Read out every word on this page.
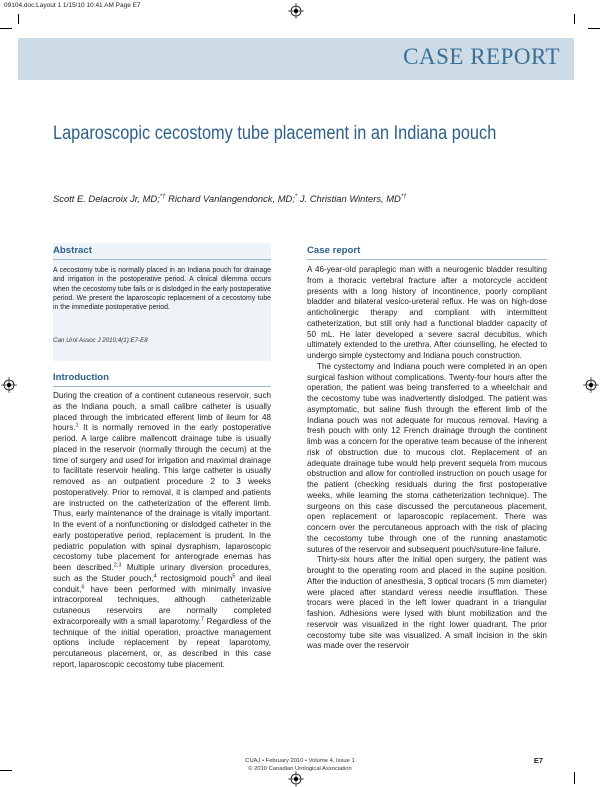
09104.doc:Layout 1 1/15/10 10:41 AM Page E7
CASE REPORT
Laparoscopic cecostomy tube placement in an Indiana pouch
Scott E. Delacroix Jr, MD;*† Richard Vanlangendonck, MD;* J. Christian Winters, MD*†
Abstract
A cecostomy tube is normally placed in an Indiana pouch for drainage and irrigation in the postoperative period. A clinical dilemma occurs when the cecostomy tube fails or is dislodged in the early postoperative period. We present the laparoscopic replacement of a cecostomy tube in the immediate postoperative period.
Can Urol Assoc J 2010;4(1):E7-E8
Introduction

During the creation of a continent cutaneous reservoir, such as the Indiana pouch, a small calibre catheter is usually placed through the imbricated efferent limb of ileum for 48 hours.$^1$ It is normally removed in the early postoperative period. A large calibre mallencott drainage tube is usually placed in the reservoir (normally through the cecum) at the time of surgery and used for irrigation and maximal drainage to facilitate reservoir healing. This large catheter is usually removed as an outpatient procedure 2 to 3 weeks postoperatively. Prior to removal, it is clamped and patients are instructed on the catheterization of the efferent limb. Thus, early maintenance of the drainage is vitally important. In the event of a nonfunctioning or dislodged catheter in the early postoperative period, replacement is prudent. In the pediatric population with spinal dysraphism, laparoscopic cecostomy tube placement for anterograde enemas has been described.$^{2,3}$ Multiple urinary diversion procedures, such as the Studer pouch,$^4$ rectosigmoid pouch$^5$ and ileal conduit,$^6$ have been performed with minimally invasive intracorporeal techniques, although catheterizable cutaneous reservoirs are normally completed extracorporeally with a small laparotomy.$^7$ Regardless of the technique of the initial operation, proactive management options include replacement by repeat laparotomy, percutaneous placement, or, as described in this case report, laparoscopic cecostomy tube placement.

Case report

A 46-year-old paraplegic man with a neurogenic bladder resulting from a thoracic vertebral fracture after a motorcycle accident presents with a long history of incontinence, poorly compliant bladder and bilateral vesico-ureteral reflux. He was on high-dose anticholinergic therapy and compliant with intermittent catheterization, but still only had a functional bladder capacity of 50 mL. He later developed a severe sacral decubitus, which ultimately extended to the urethra. After counselling, he elected to undergo simple cystectomy and Indiana pouch construction.

The cystectomy and Indiana pouch were completed in an open surgical fashion without complications. Twenty-four hours after the operation, the patient was being transferred to a wheelchair and the cecostomy tube was inadvertently dislodged. The patient was asymptomatic, but saline flush through the efferent limb of the Indiana pouch was not adequate for mucous removal. Having a fresh pouch with only 12 French drainage through the continent limb was a concern for the operative team because of the inherent risk of obstruction due to mucous clot. Replacement of an adequate drainage tube would help prevent sequela from mucous obstruction and allow for controlled instruction on pouch usage for the patient (checking residuals during the first postoperative weeks, while learning the stoma catheterization technique). The surgeons on this case discussed the percutaneous placement, open replacement or laparoscopic replacement. There was concern over the percutaneous approach with the risk of placing the cecostomy tube through one of the running anastamotic sutures of the reservoir and subsequent pouch/suture-line failure.

Thirty-six hours after the initial open surgery, the patient was brought to the operating room and placed in the supine position. After the induction of anesthesia, 3 optical trocars (5 mm diameter) were placed after standard veress needle insufflation. These trocars were placed in the left lower quadrant in a triangular fashion. Adhesions were lysed with blunt mobilization and the reservoir was visualized in the right lower quadrant. The prior cecostomy tube site was visualized. A small incision in the skin was made over the reservoir

CUAJ • February 2010 • Volume 4, Issue 1
© 2010 Canadian Urological Association
E7
